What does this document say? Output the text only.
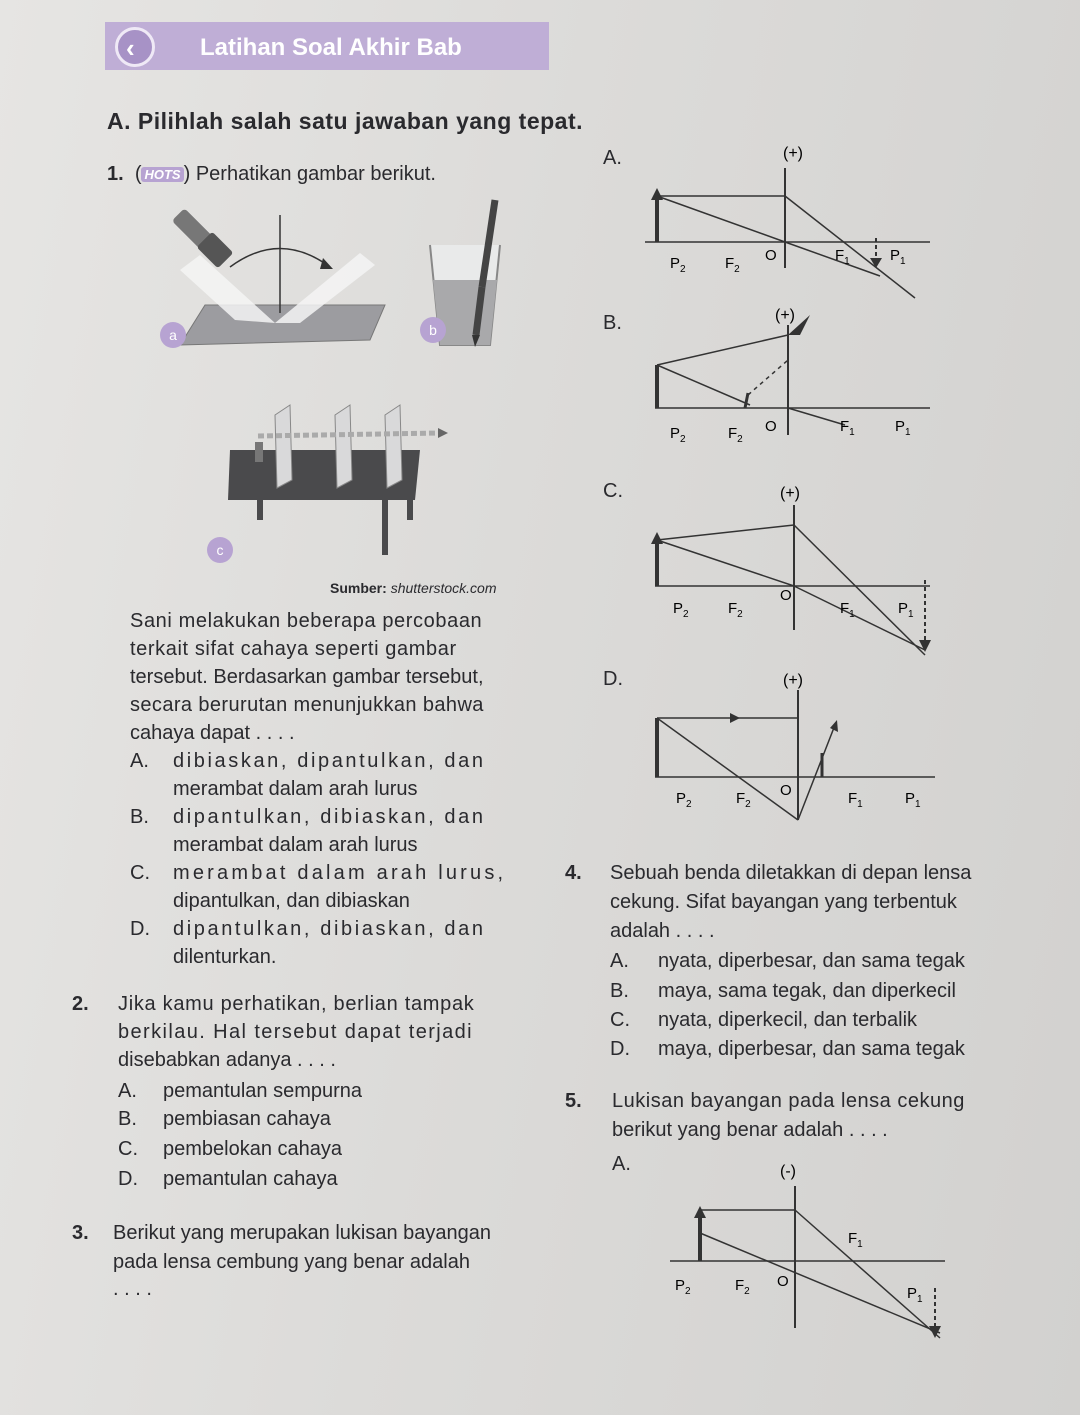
‹	Latihan Soal Akhir Bab
A. Pilihlah salah satu jawaban yang tepat.
1. ( HOTS ) Perhatikan gambar berikut.
a	b
c
Sumber: shutterstock.com
Sani melakukan beberapa percobaan
terkait sifat cahaya seperti gambar
tersebut. Berdasarkan gambar tersebut,
secara berurutan menunjukkan bahwa
cahaya dapat . . . .
A. dibiaskan, dipantulkan, dan
merambat dalam arah lurus
B. dipantulkan, dibiaskan, dan
merambat dalam arah lurus
C. merambat dalam arah lurus,
dipantulkan, dan dibiaskan
D. dipantulkan, dibiaskan, dan
dilenturkan.
2. Jika kamu perhatikan, berlian tampak
berkilau. Hal tersebut dapat terjadi
disebabkan adanya . . . .
A. pemantulan sempurna
B. pembiasan cahaya
C. pembelokan cahaya
D. pemantulan cahaya
3. Berikut yang merupakan lukisan bayangan
pada lensa cembung yang benar adalah
. . . .
A.
B.
C.
D.
(+)
$P_2$	$F_2$
O	$F_1$	$P_1$
(+)
$P_2$	$F_2$
O	$F_1$	$P_1$
(+)
$P_2$	$F_2$
O
$F_1$	$P_1$
(+)
$P_2$	$F_2$
O	$F_1$	$P_1$
4. Sebuah benda diletakkan di depan lensa
cekung. Sifat bayangan yang terbentuk
adalah . . . .
A. nyata, diperbesar, dan sama tegak
B. maya, sama tegak, dan diperkecil
C. nyata, diperkecil, dan terbalik
D. maya, diperbesar, dan sama tegak
5. Lukisan bayangan pada lensa cekung
berikut yang benar adalah . . . .
A.	(-)
$P_2$	$F_2$
O
$F_1$
$P_1$
